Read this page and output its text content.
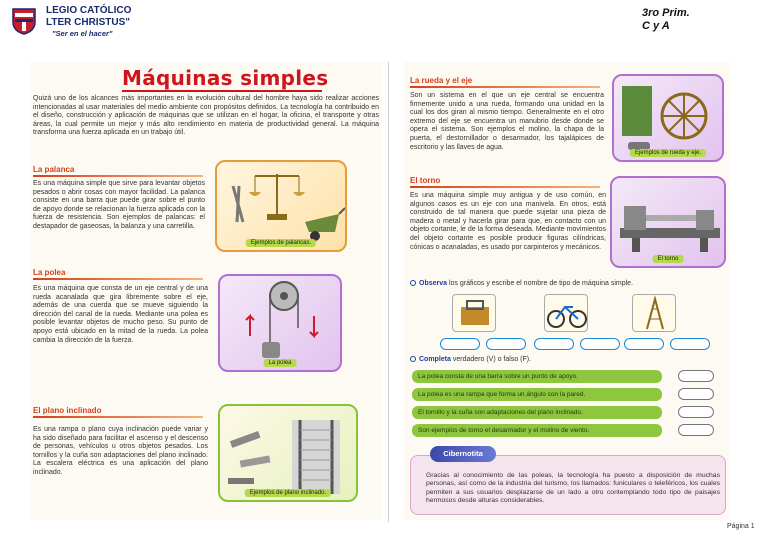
LEGIO CATÓLICO
LTER CHRISTUS"
"Ser en el hacer"
3ro Prim.
C y A
Máquinas simples
Quizá uno de los alcances más importantes en la evolución cultural del hombre haya sido realizar acciones intencionadas al usar materiales del medio ambiente con propósitos definidos. La tecnología ha contribuido en el diseño, construcción y aplicación de máquinas que se utilizan en el hogar, la oficina, el transporte y otras áreas, la cual permite un mejor y más alto rendimiento en materia de productividad general. La máquina transforma una fuerza aplicada en un trabajo útil.
La palanca
Es una máquina simple que sirve para levantar objetos pesados o abrir cosas con mayor facilidad. La palanca consiste en una barra que puede girar sobre el punto de apoyo donde se relacionan la fuerza aplicada con la fuerza de resistencia. Son ejemplos de palancas: el destapador de gaseosas, la balanza y una carretilla.
Ejemplos de palancas.
···
La polea
Es una máquina que consta de un eje central y de una rueda acanalada que gira libremente sobre el eje, además de una cuerda que se mueve siguiendo la dirección del canal de la rueda. Mediante una polea es posible levantar objetos de mucho peso. Su punto de apoyo está ubicado en la mitad de la rueda. La polea cambia la dirección de la fuerza.
La polea
El plano inclinado
Es una rampa o plano cuya inclinación puede variar y ha sido diseñado para facilitar el ascenso y el descenso de personas, vehículos u otros objetos pesados. Los tornillos y la cuña son adaptaciones del plano inclinado. La escalera eléctrica es una aplicación del plano inclinado.
Ejemplos de plano inclinado.
La rueda y el eje
Son un sistema en el que un eje central se encuentra firmemente unido a una rueda, formando una unidad en la cual los dos giran al mismo tiempo. Generalmente en el otro extremo del eje se encuentra un manubrio desde donde se opera el sistema. Son ejemplos el molino, la chapa de la puerta, el destornillador o desarmador, los tajalápices de escritorio y las llaves de agua.
Ejemplos de rueda y eje.
El torno
Es una máquina simple muy antigua y de uso común, en algunos casos es un eje con una manivela. En otros, está construido de tal manera que puede sujetar una pieza de madera o metal y hacerla girar para que, en contacto con un objeto cortante, le de la forma deseada. Mediante movimientos del objeto cortante es posible producir figuras cilíndricas, cónicas o acanaladas, es usado por carpinteros y mecánicos.
El torno	···
Observa los gráficos y escribe el nombre de tipo de máquina simple.
Completa verdadero (V) o falso (F).
La polea consta de una barra sobre un punto de apoyo.
La polea es una rampa que forma un ángulo con la pared.
El tornillo y la cuña son adaptaciones del plano inclinado.
Son ejemplos de torno el desarmador y el molino de viento.
Cibernotita
Gracias al conocimiento de las poleas, la tecnología ha puesto a disposición de muchas personas, así como de la industria del turismo, los llamados: funiculares o teleféricos, los cuales permiten a sus usuarios desplazarse de un lado a otro contemplando todo tipo de paisajes hermosos desde alturas considerables.
Página 1
